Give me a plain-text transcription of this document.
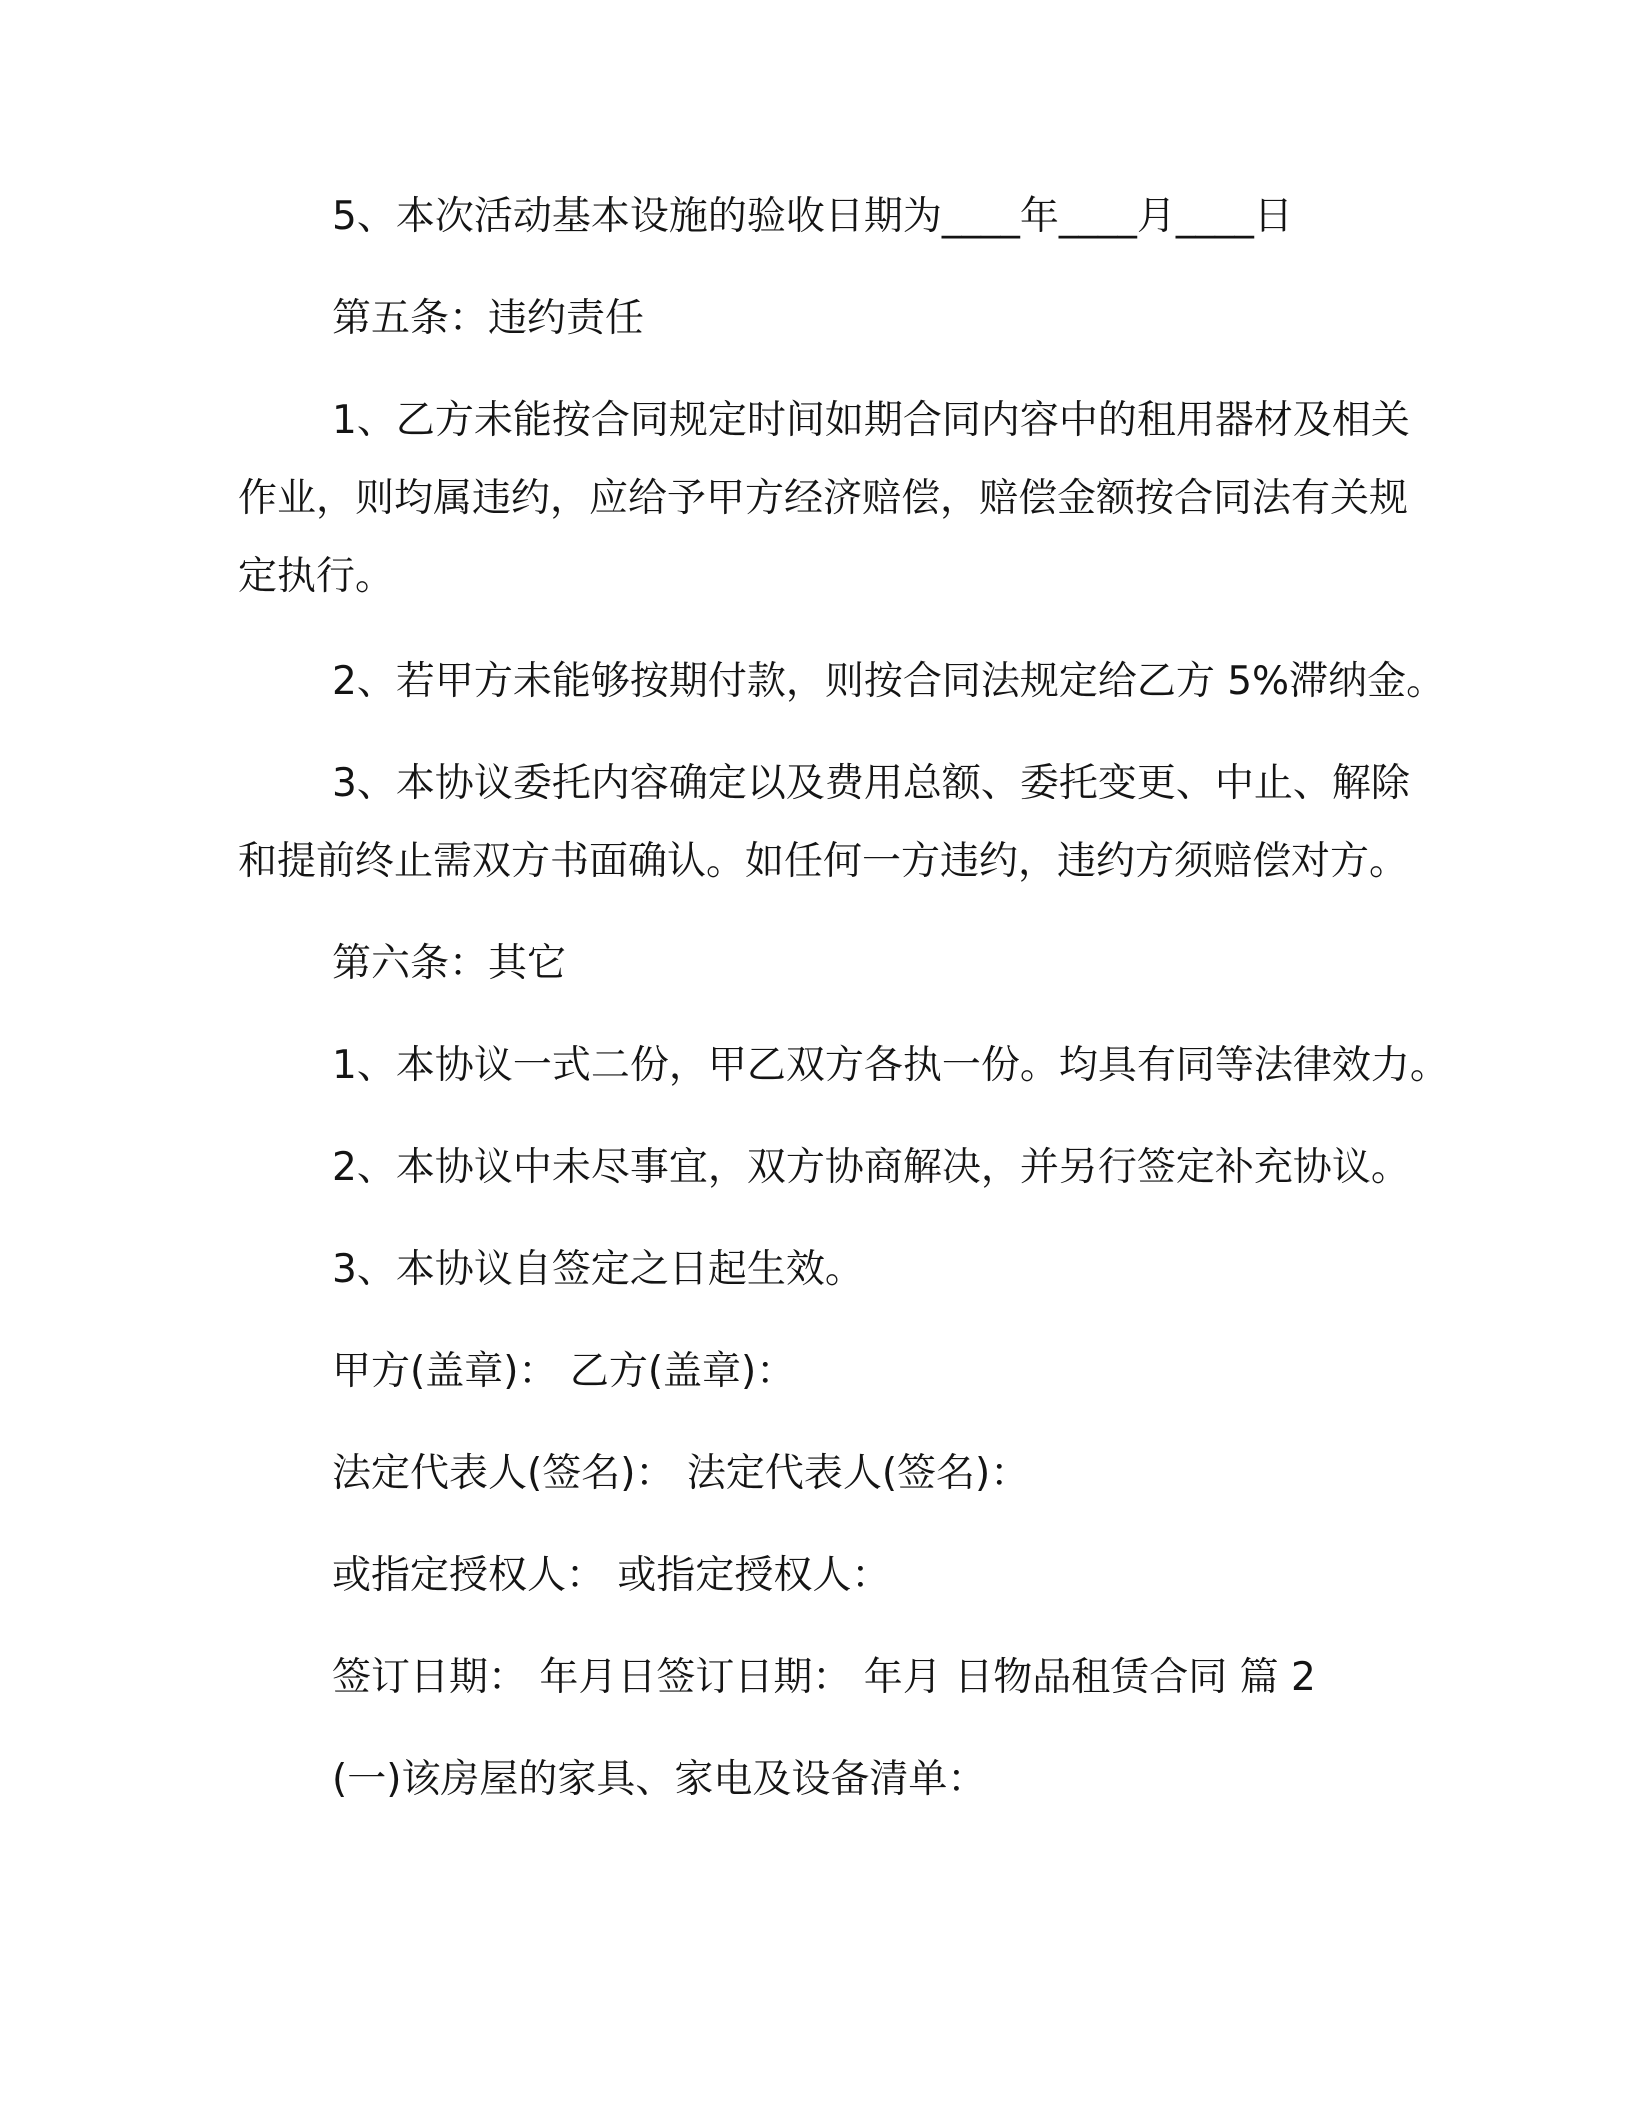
5、本次活动基本设施的验收日期为____年____月____日

第五条：违约责任

1、乙方未能按合同规定时间如期合同内容中的租用器材及相关
作业，则均属违约，应给予甲方经济赔偿，赔偿金额按合同法有关规
定执行。

2、若甲方未能够按期付款，则按合同法规定给乙方 5%滞纳金。

3、本协议委托内容确定以及费用总额、委托变更、中止、解除
和提前终止需双方书面确认。如任何一方违约，违约方须赔偿对方。

第六条：其它

1、本协议一式二份，甲乙双方各执一份。均具有同等法律效力。

2、本协议中未尽事宜，双方协商解决，并另行签定补充协议。

3、本协议自签定之日起生效。

甲方(盖章)： 乙方(盖章)：

法定代表人(签名)： 法定代表人(签名)：

或指定授权人： 或指定授权人：

签订日期： 年月日签订日期： 年月 日物品租赁合同 篇 2

(一)该房屋的家具、家电及设备清单：
